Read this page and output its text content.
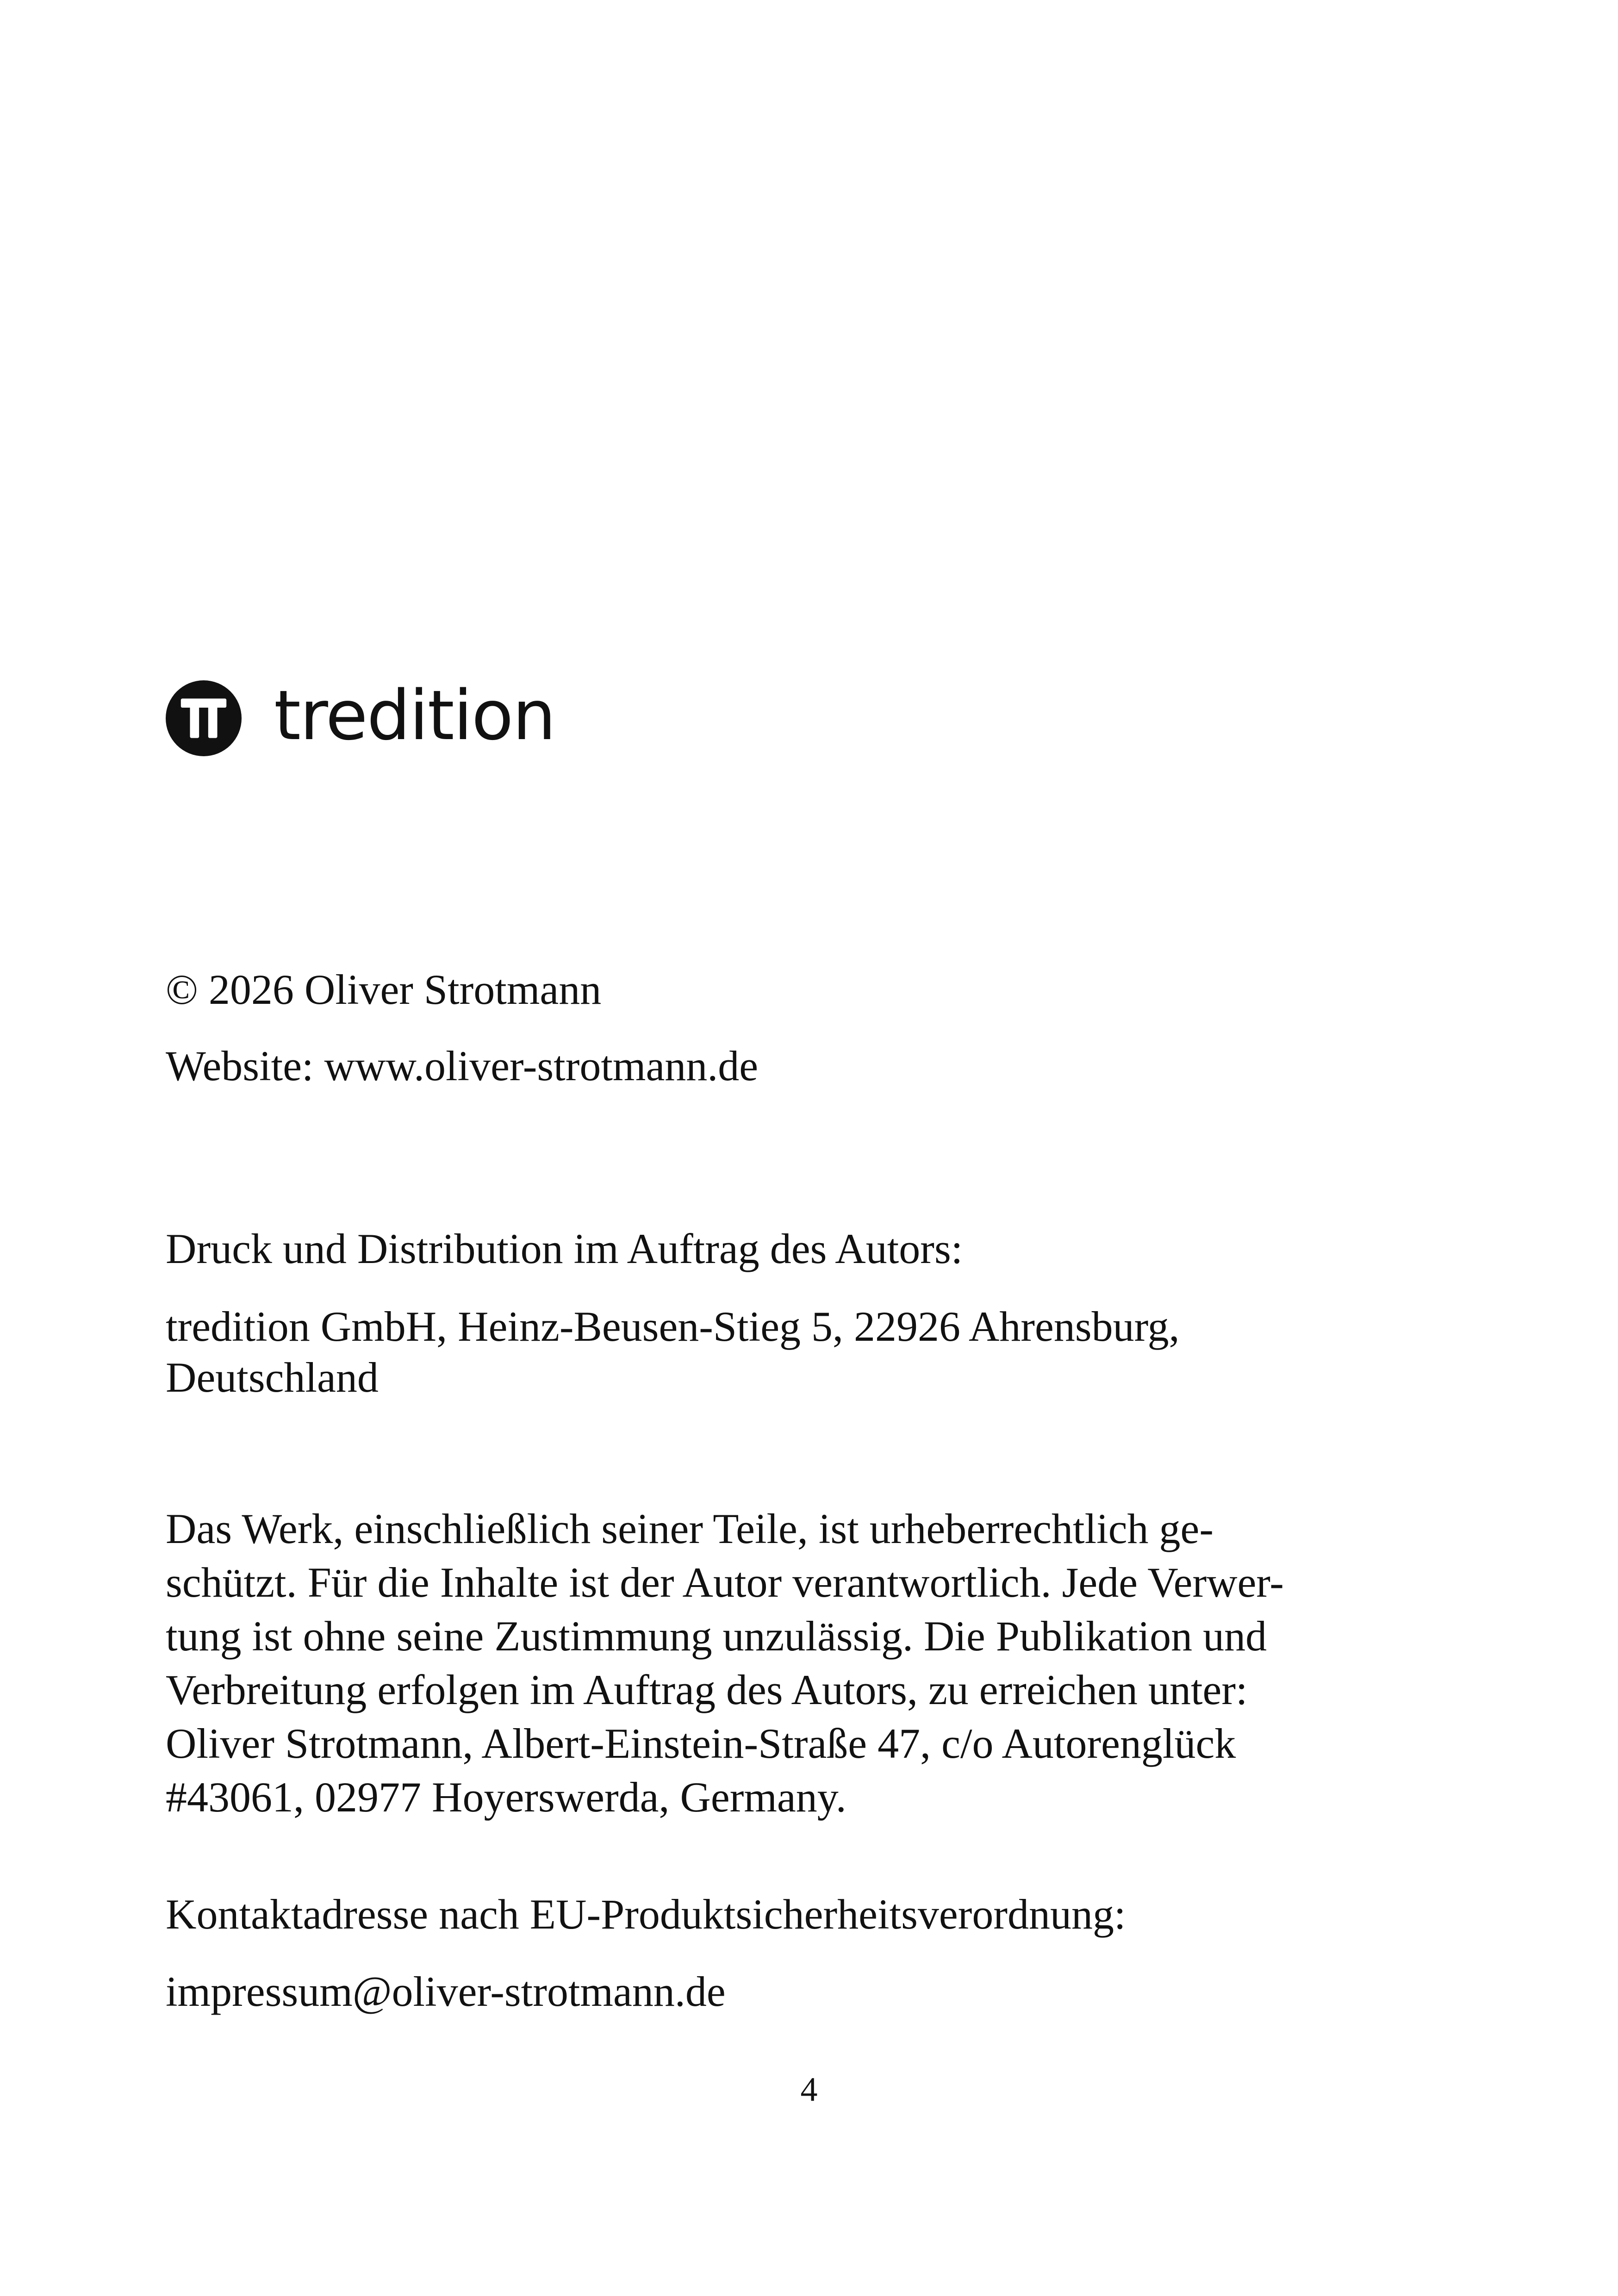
tredition

© 2026 Oliver Strotmann

Website: www.oliver-strotmann.de

Druck und Distribution im Auftrag des Autors:

tredition GmbH, Heinz-Beusen-Stieg 5, 22926 Ahrensburg,

Deutschland

Das Werk, einschließlich seiner Teile, ist urheberrechtlich ge-

schützt. Für die Inhalte ist der Autor verantwortlich. Jede Verwer-

tung ist ohne seine Zustimmung unzulässig. Die Publikation und

Verbreitung erfolgen im Auftrag des Autors, zu erreichen unter:

Oliver Strotmann, Albert-Einstein-Straße 47, c/o Autorenglück

#43061, 02977 Hoyerswerda, Germany.

Kontaktadresse nach EU-Produktsicherheitsverordnung:

impressum@oliver-strotmann.de

4
